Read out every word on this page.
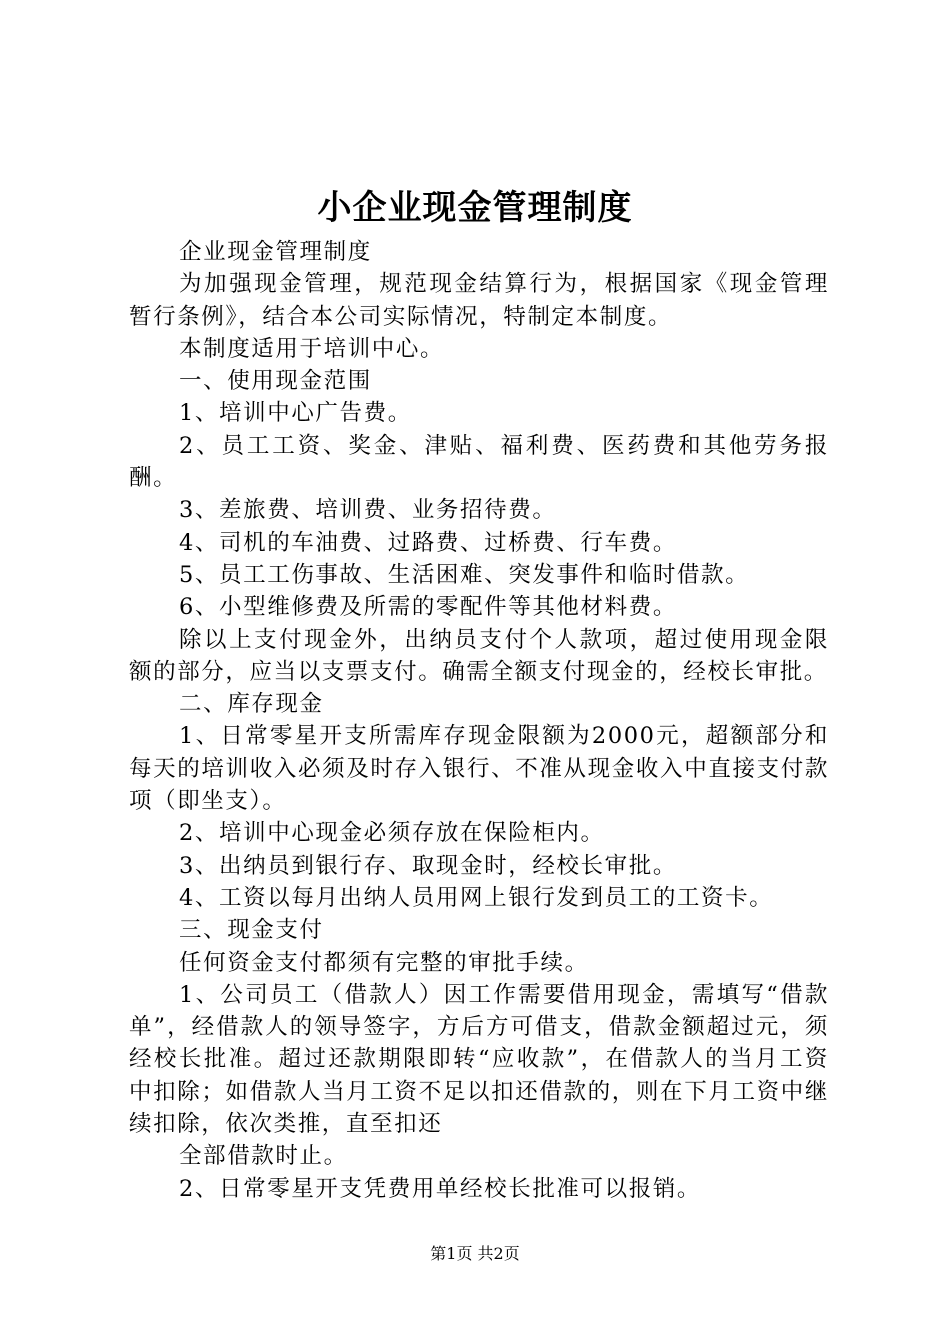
小企业现金管理制度

企业现金管理制度

为加强现金管理，规范现金结算行为，根据国家《现金管理暂行条例》，结合本公司实际情况，特制定本制度。

本制度适用于培训中心。

一、使用现金范围

1、培训中心广告费。

2、员工工资、奖金、津贴、福利费、医药费和其他劳务报酬。

3、差旅费、培训费、业务招待费。

4、司机的车油费、过路费、过桥费、行车费。

5、员工工伤事故、生活困难、突发事件和临时借款。

6、小型维修费及所需的零配件等其他材料费。

除以上支付现金外，出纳员支付个人款项，超过使用现金限额的部分，应当以支票支付。确需全额支付现金的，经校长审批。

二、库存现金

1、日常零星开支所需库存现金限额为2000元，超额部分和每天的培训收入必须及时存入银行、不准从现金收入中直接支付款项（即坐支）。

2、培训中心现金必须存放在保险柜内。

3、出纳员到银行存、取现金时，经校长审批。

4、工资以每月出纳人员用网上银行发到员工的工资卡。

三、现金支付

任何资金支付都须有完整的审批手续。

1、公司员工（借款人）因工作需要借用现金，需填写“借款单”，经借款人的领导签字，方后方可借支，借款金额超过元，须经校长批准。超过还款期限即转“应收款”，在借款人的当月工资中扣除；如借款人当月工资不足以扣还借款的，则在下月工资中继续扣除，依次类推，直至扣还

全部借款时止。

2、日常零星开支凭费用单经校长批准可以报销。

第1页 共2页
